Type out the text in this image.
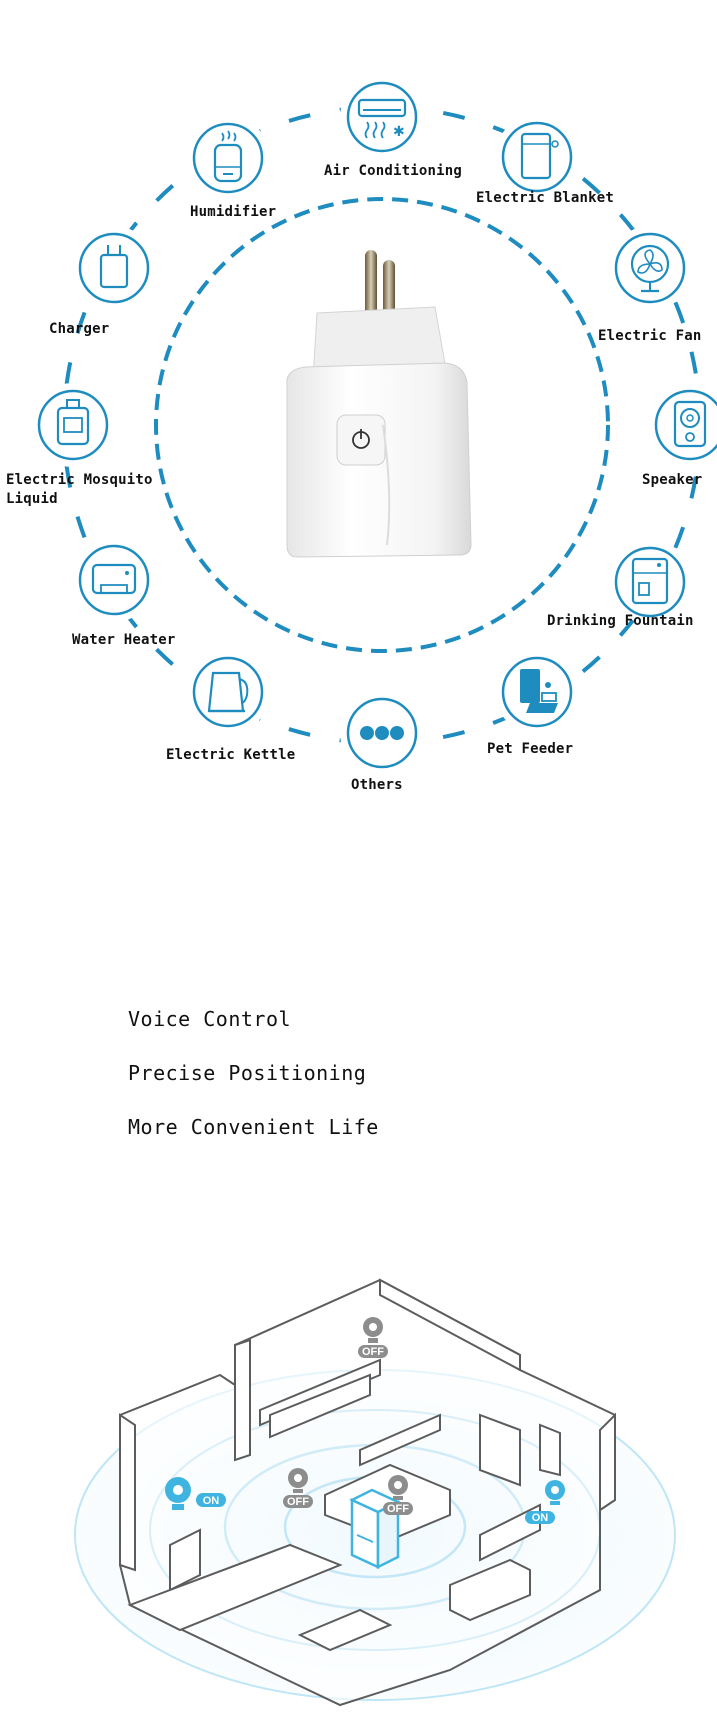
✱
Air Conditioning
Electric Blanket
Humidifier
Electric Fan
Charger
Speaker
Electric Mosquito
Liquid
Drinking Fountain
Water Heater
Pet Feeder
Electric Kettle
Others
Voice Control
Precise Positioning
More Convenient Life
OFF
ON	OFF
OFF
ON
